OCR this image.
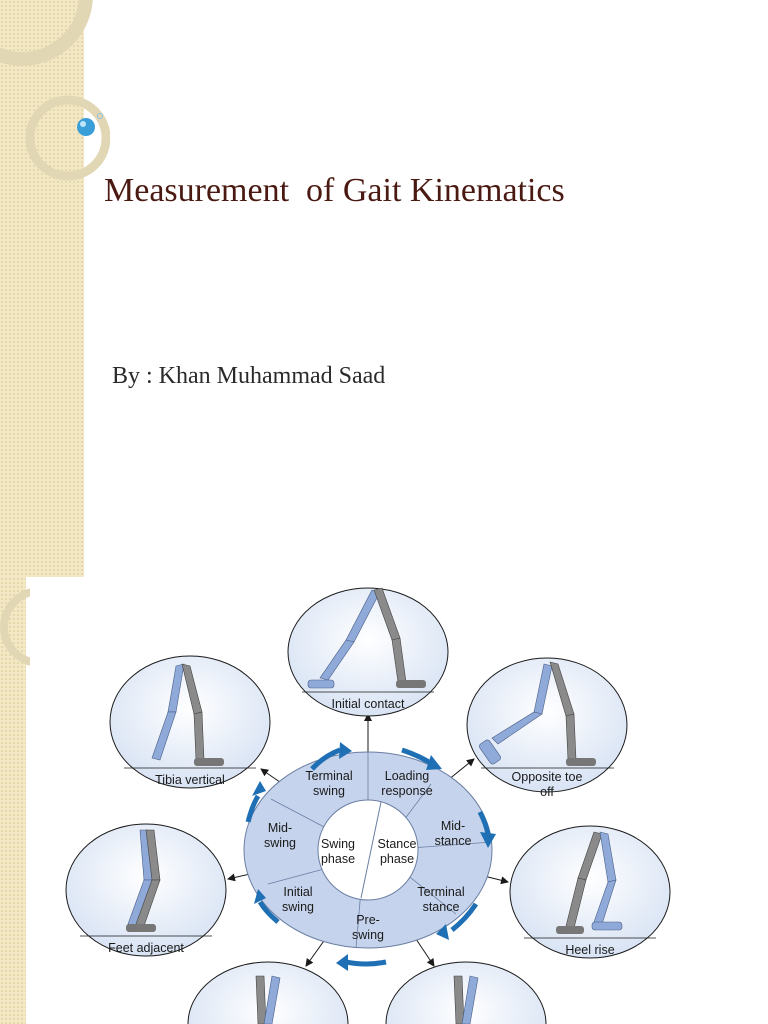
Measurement  of Gait Kinematics
By : Khan Muhammad Saad
Terminal swing
Loading response
Mid-stance
Terminal stance
Pre-swing
Initial swing
Mid-swing Swing phase
Stance phase
Initial contact
Opposite toe
off
Heel rise
Feet adjacent
Tibia vertical
